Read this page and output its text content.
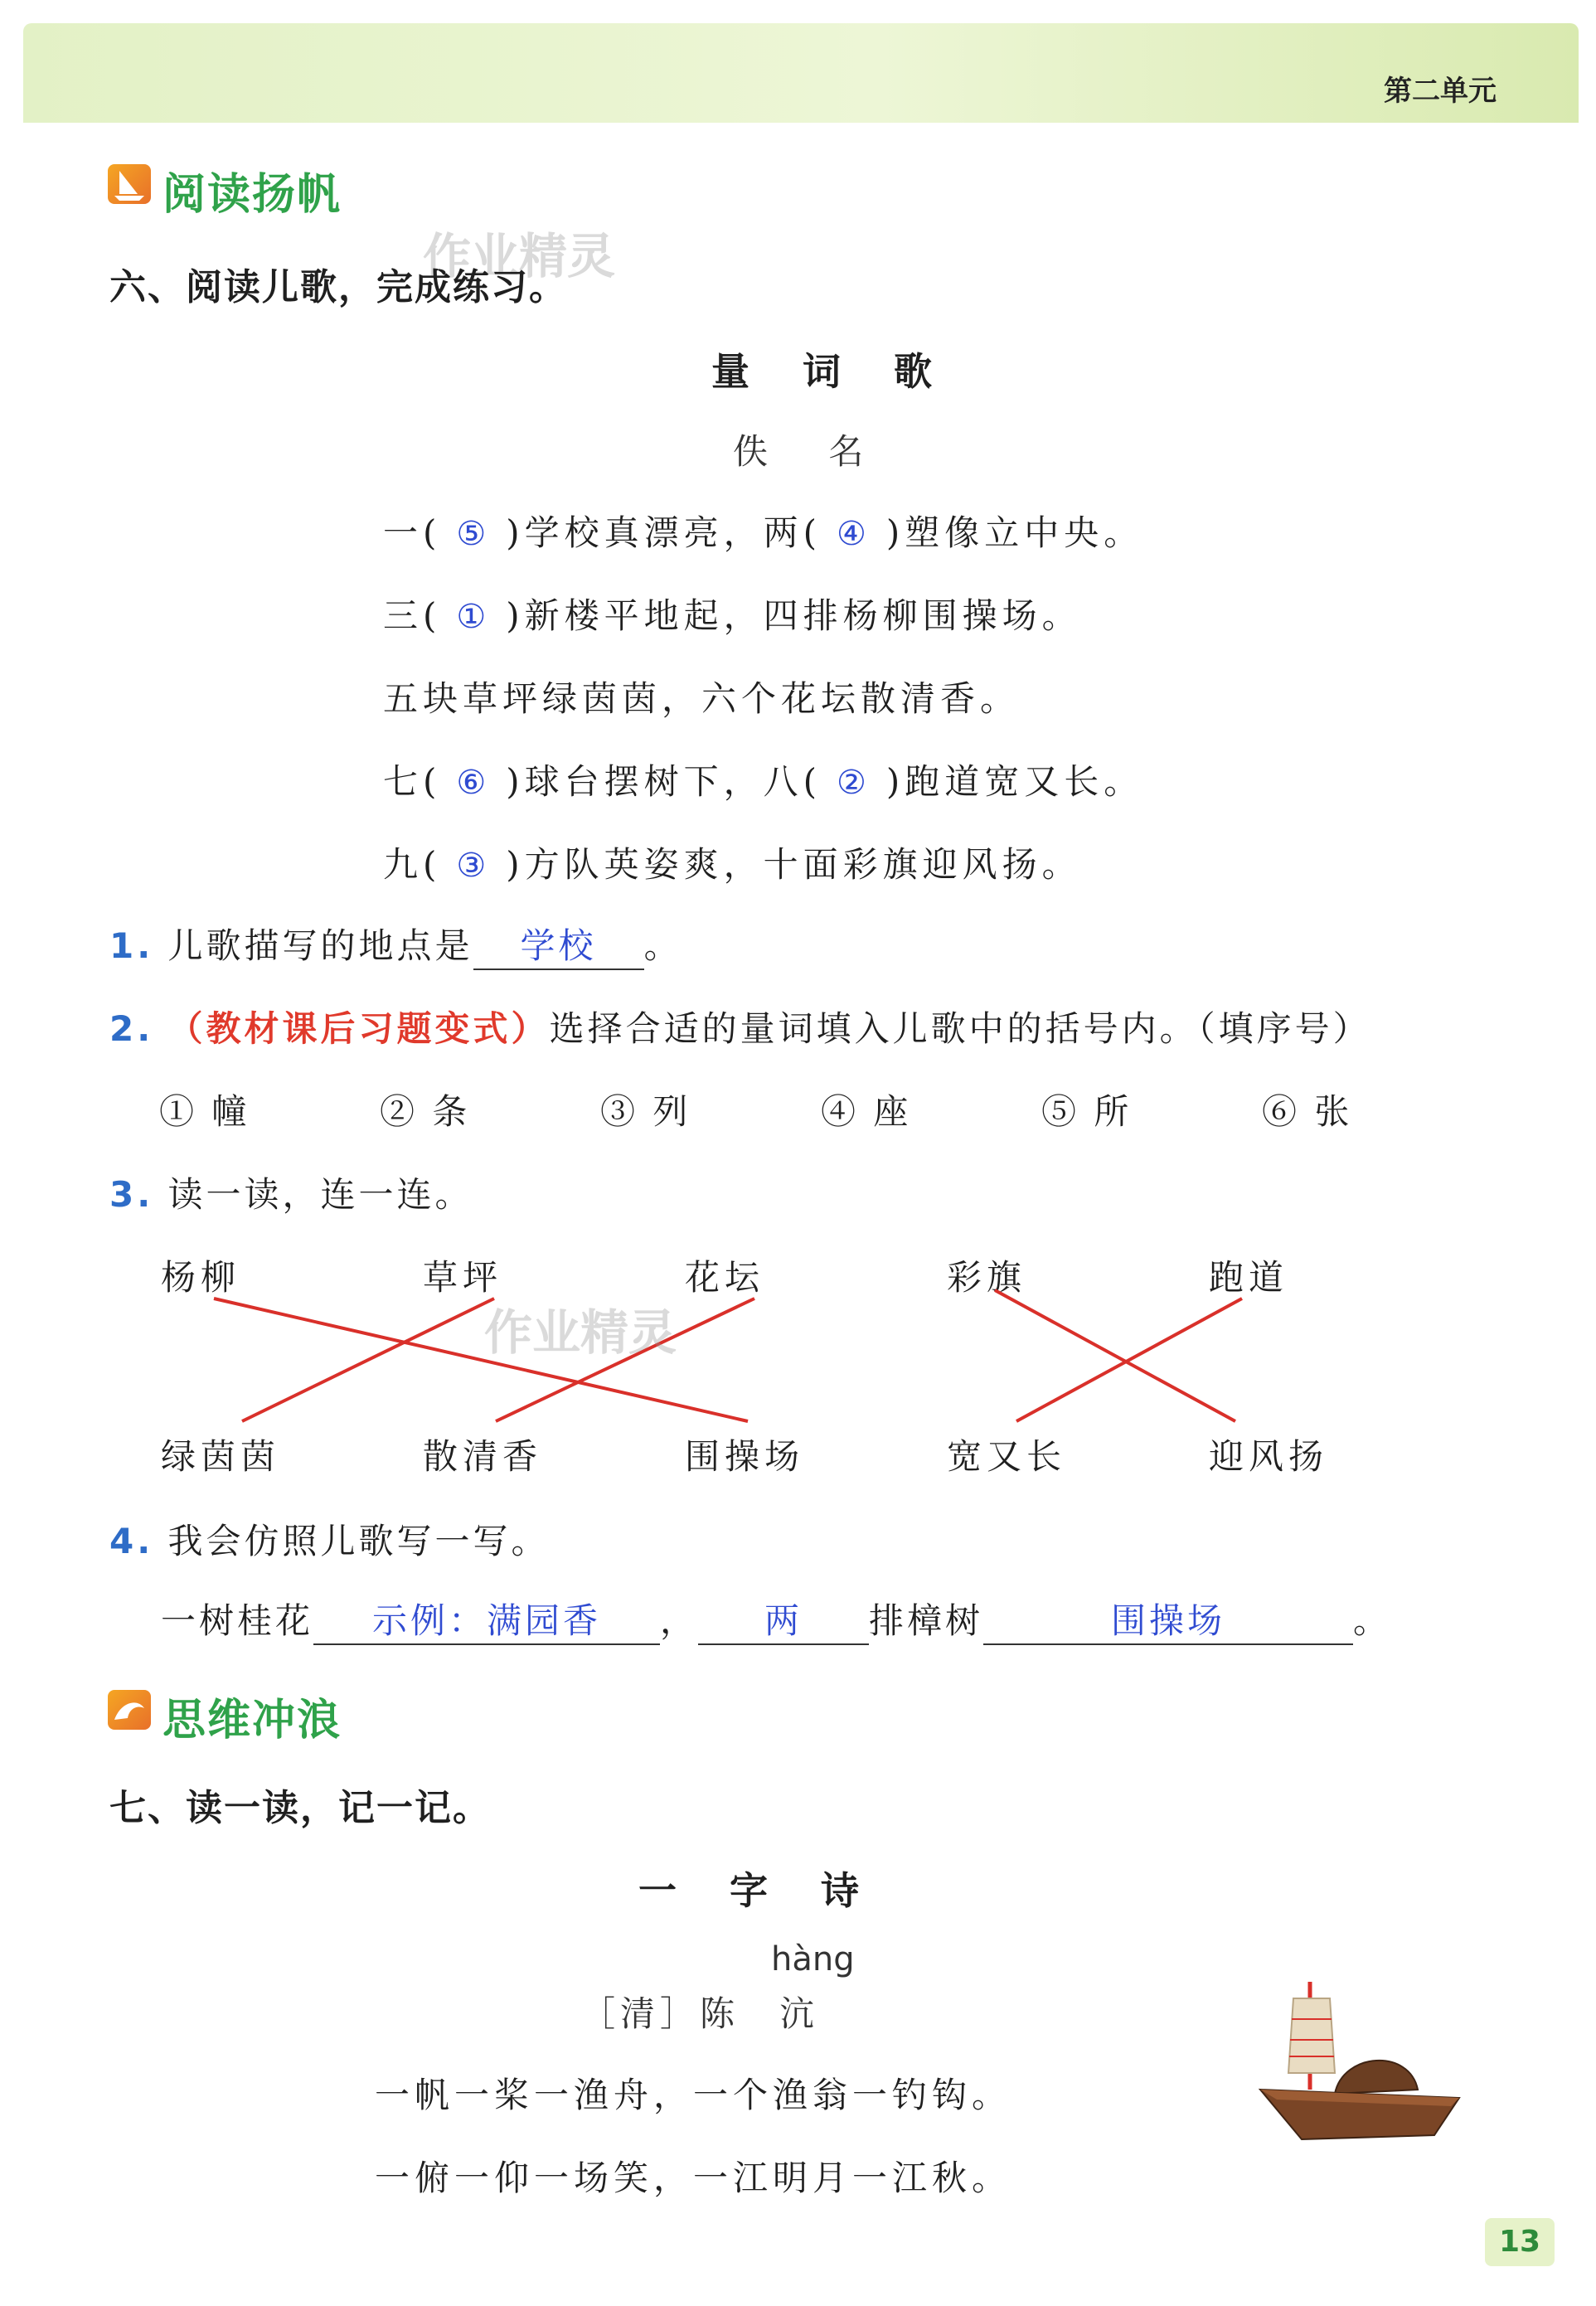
第二单元
阅读扬帆
作业精灵
六、阅读儿歌，完成练习。
量 词 歌
佚 名
一( ⑤ )学校真漂亮，两( ④ )塑像立中央。
三( ① )新楼平地起，四排杨柳围操场。
五块草坪绿茵茵，六个花坛散清香。
七( ⑥ )球台摆树下，八( ② )跑道宽又长。
九( ③ )方队英姿爽，十面彩旗迎风扬。
1. 儿歌描写的地点是 学校 。
2. （教材课后习题变式）选择合适的量词填入儿歌中的括号内。（填序号）
① 幢	② 条	③ 列	④ 座	⑤ 所	⑥ 张
3. 读一读，连一连。
杨柳	草坪	花坛	彩旗	跑道
作业精灵
绿茵茵	散清香	围操场	宽又长	迎风扬
4. 我会仿照儿歌写一写。
一树桂花 示例：满园香 ， 两 排樟树	围操场	。
思维冲浪
七、读一读，记一记。
一 字 诗
hàng
［清］陈　沆
一帆一桨一渔舟，一个渔翁一钓钩。
一俯一仰一场笑，一江明月一江秋。
13
